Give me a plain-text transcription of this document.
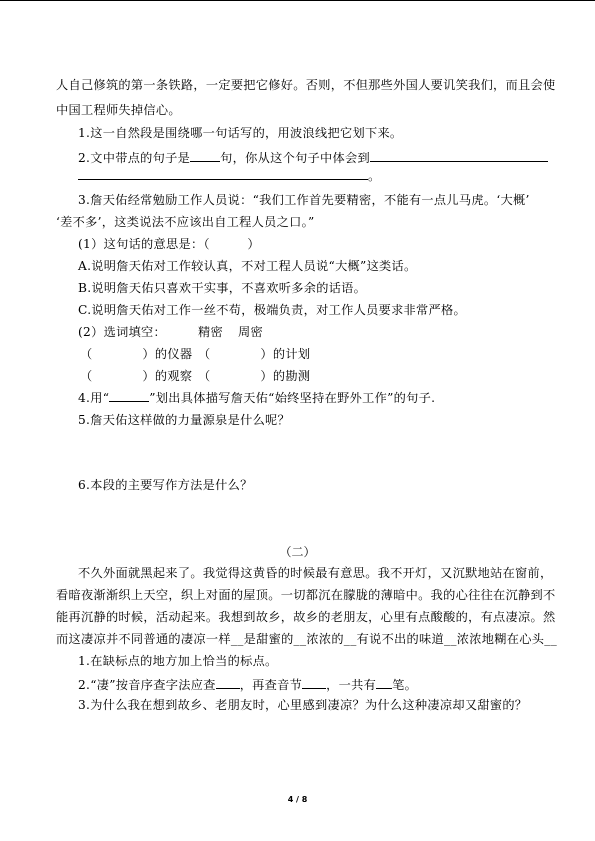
人自己修筑的第一条铁路，一定要把它修好。否则，不但那些外国人要讥笑我们，而且会使
中国工程师失掉信心。
1.这一自然段是围绕哪一句话写的，用波浪线把它划下来。
2.文中带点的句子是 句，你从这个句子中体会到
。
3.詹天佑经常勉励工作人员说：“我们工作首先要精密，不能有一点儿马虎。‘大概’
‘差不多’，这类说法不应该出自工程人员之口。”
(1）这句话的意思是：（　　　）
A.说明詹天佑对工作较认真，不对工程人员说“大概”这类话。
B.说明詹天佑只喜欢干实事，不喜欢听多余的话语。
C.说明詹天佑对工作一丝不苟，极端负责，对工作人员要求非常严格。
(2）选词填空：	精密 周密
（　　　　）的仪器 （　　　　）的计划
（　　　　）的观察 （　　　　）的勘测
4.用“	”划出具体描写詹天佑“始终坚持在野外工作”的句子.
5.詹天佑这样做的力量源泉是什么呢？
6.本段的主要写作方法是什么？
（二）
不久外面就黑起来了。我觉得这黄昏的时候最有意思。我不开灯，又沉默地站在窗前，
看暗夜渐渐织上天空，织上对面的屋顶。一切都沉在朦胧的薄暗中。我的心往往在沉静到不
能再沉静的时候，活动起来。我想到故乡，故乡的老朋友，心里有点酸酸的，有点凄凉。然
而这凄凉并不同普通的凄凉一样__是甜蜜的__浓浓的__有说不出的味道__浓浓地糊在心头__
1.在缺标点的地方加上恰当的标点。
2.“凄”按音序查字法应查 ，再查音节 ，一共有 笔。
3.为什么我在想到故乡、老朋友时，心里感到凄凉？为什么这种凄凉却又甜蜜的？
4 / 8
